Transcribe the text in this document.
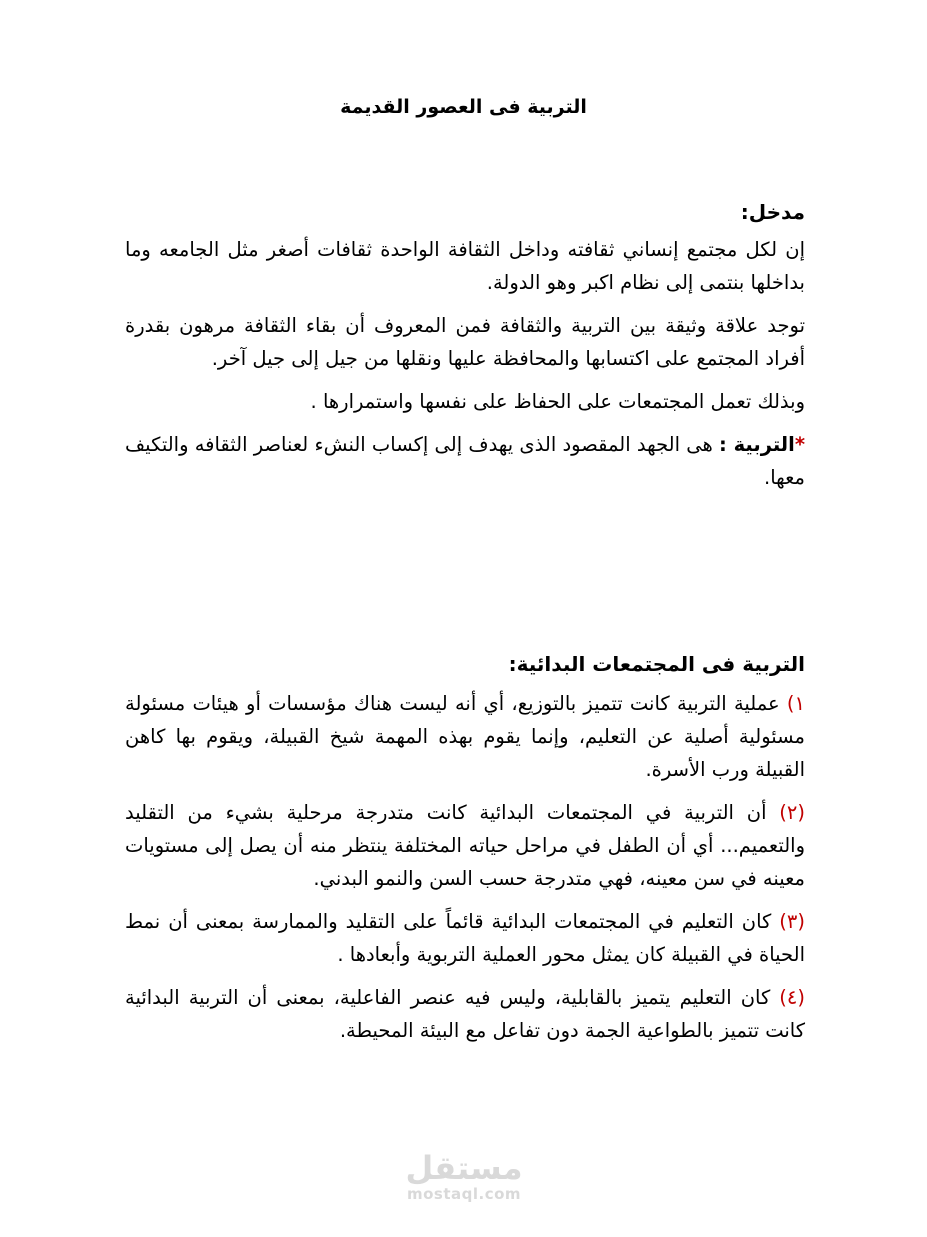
التربية فى العصور القديمة

مدخل:

إن لكل مجتمع إنساني ثقافته وداخل الثقافة الواحدة ثقافات أصغر مثل الجامعه وما بداخلها بنتمى إلى نظام اكبر وهو الدولة.

توجد علاقة وثيقة بين التربية والثقافة فمن المعروف أن بقاء الثقافة مرهون بقدرة أفراد المجتمع على اكتسابها والمحافظة عليها ونقلها من جيل إلى جيل آخر.

وبذلك تعمل المجتمعات على الحفاظ على نفسها واستمرارها .

*التربية : هى الجهد المقصود الذى يهدف إلى إكساب النشء لعناصر الثقافه والتكيف معها.

التربية فى المجتمعات البدائية:

١) عملية التربية كانت تتميز بالتوزيع، أي أنه ليست هناك مؤسسات أو هيئات مسئولة مسئولية أصلية عن التعليم، وإنما يقوم بهذه المهمة شيخ القبيلة، ويقوم بها كاهن القبيلة ورب الأسرة.

(٢) أن التربية في المجتمعات البدائية كانت متدرجة مرحلية بشيء من التقليد والتعميم... أي أن الطفل في مراحل حياته المختلفة ينتظر منه أن يصل إلى مستويات معينه في سن معينه، فهي متدرجة حسب السن والنمو البدني.

(٣) كان التعليم في المجتمعات البدائية قائماً على التقليد والممارسة بمعنى أن نمط الحياة في القبيلة كان يمثل محور العملية التربوية وأبعادها .

(٤) كان التعليم يتميز بالقابلية، وليس فيه عنصر الفاعلية، بمعنى أن التربية البدائية كانت تتميز بالطواعية الجمة دون تفاعل مع البيئة المحيطة.

مستقل
mostaql.com
